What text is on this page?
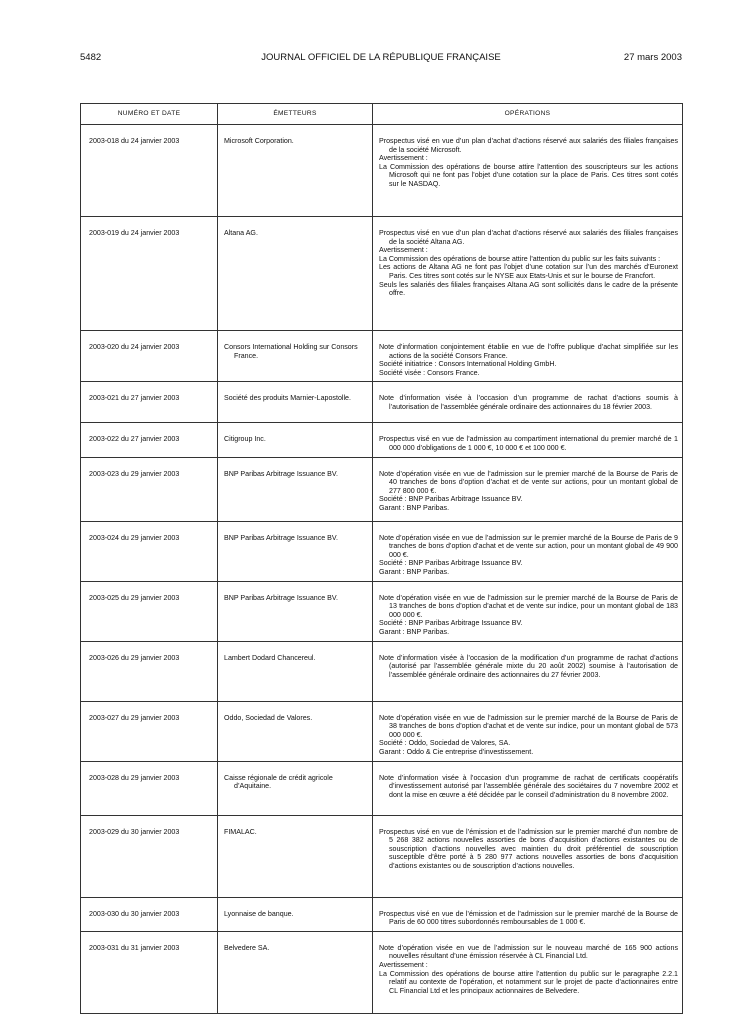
5482	JOURNAL OFFICIEL DE LA RÉPUBLIQUE FRANÇAISE	27 mars 2003
NUMÉRO ET DATE	ÉMETTEURS	OPÉRATIONS
2003-018 du 24 janvier 2003	Microsoft Corporation.	Prospectus visé en vue d’un plan d’achat d’actions réservé aux salariés des filiales françaises de la société Microsoft.
Avertissement :
La Commission des opérations de bourse attire l’attention des souscripteurs sur les actions Microsoft qui ne font pas l’objet d’une cotation sur la place de Paris. Ces titres sont cotés sur le NASDAQ.

2003-019 du 24 janvier 2003	Altana AG.	Prospectus visé en vue d’un plan d’achat d’actions réservé aux salariés des filiales françaises de la société Altana AG.
Avertissement :
La Commission des opérations de bourse attire l’attention du public sur les faits suivants :
Les actions de Altana AG ne font pas l’objet d’une cotation sur l’un des marchés d’Euronext Paris. Ces titres sont cotés sur le NYSE aux Etats-Unis et sur le bourse de Francfort.
Seuls les salariés des filiales françaises Altana AG sont sollicités dans le cadre de la présente offre.

2003-020 du 24 janvier 2003	Consors International Holding sur Consors France.	Note d’information conjointement établie en vue de l’offre publique d’achat simplifiée sur les actions de la société Consors France.
Société initiatrice : Consors International Holding GmbH.
Société visée : Consors France.

2003-021 du 27 janvier 2003	Société des produits Marnier-Lapostolle.	Note d’information visée à l’occasion d’un programme de rachat d’actions soumis à l’autorisation de l’assemblée générale ordinaire des actionnaires du 18 février 2003.

2003-022 du 27 janvier 2003	Citigroup Inc.	Prospectus visé en vue de l’admission au compartiment international du premier marché de 1 000 000 d’obligations de 1 000 €, 10 000 € et 100 000 €.

2003-023 du 29 janvier 2003	BNP Paribas Arbitrage Issuance BV.	Note d’opération visée en vue de l’admission sur le premier marché de la Bourse de Paris de 40 tranches de bons d’option d’achat et de vente sur actions, pour un montant global de 277 800 000 €.
Société : BNP Paribas Arbitrage Issuance BV.
Garant : BNP Paribas.

2003-024 du 29 janvier 2003	BNP Paribas Arbitrage Issuance BV.	Note d’opération visée en vue de l’admission sur le premier marché de la Bourse de Paris de 9 tranches de bons d’option d’achat et de vente sur action, pour un montant global de 49 900 000 €.
Société : BNP Paribas Arbitrage Issuance BV.
Garant : BNP Paribas.

2003-025 du 29 janvier 2003	BNP Paribas Arbitrage Issuance BV.	Note d’opération visée en vue de l’admission sur le premier marché de la Bourse de Paris de 13 tranches de bons d’option d’achat et de vente sur indice, pour un montant global de 183 000 000 €.
Société : BNP Paribas Arbitrage Issuance BV.
Garant : BNP Paribas.

2003-026 du 29 janvier 2003	Lambert Dodard Chancereul.	Note d’information visée à l’occasion de la modification d’un programme de rachat d’actions (autorisé par l’assemblée générale mixte du 20 août 2002) soumise à l’autorisation de l’assemblée générale ordinaire des actionnaires du 27 février 2003.

2003-027 du 29 janvier 2003	Oddo, Sociedad de Valores.	Note d’opération visée en vue de l’admission sur le premier marché de la Bourse de Paris de 38 tranches de bons d’option d’achat et de vente sur indice, pour un montant global de 573 000 000 €.
Société : Oddo, Sociedad de Valores, SA.
Garant : Oddo & Cie entreprise d’investissement.

2003-028 du 29 janvier 2003	Caisse régionale de crédit agricole d’Aquitaine.	Note d’information visée à l’occasion d’un programme de rachat de certificats coopératifs d’investissement autorisé par l’assemblée générale des sociétaires du 7 novembre 2002 et dont la mise en œuvre a été décidée par le conseil d’administration du 8 novembre 2002.

2003-029 du 30 janvier 2003	FIMALAC.	Prospectus visé en vue de l’émission et de l’admission sur le premier marché d’un nombre de 5 268 382 actions nouvelles assorties de bons d’acquisition d’actions existantes ou de souscription d’actions nouvelles avec maintien du droit préférentiel de souscription susceptible d’être porté à 5 280 977 actions nouvelles assorties de bons d’acquisition d’actions existantes ou de souscription d’actions nouvelles.

2003-030 du 30 janvier 2003	Lyonnaise de banque.	Prospectus visé en vue de l’émission et de l’admission sur le premier marché de la Bourse de Paris de 60 000 titres subordonnés remboursables de 1 000 €.

2003-031 du 31 janvier 2003	Belvedere SA.	Note d’opération visée en vue de l’admission sur le nouveau marché de 165 900 actions nouvelles résultant d’une émission réservée à CL Financial Ltd.
Avertissement :
La Commission des opérations de bourse attire l’attention du public sur le paragraphe 2.2.1 relatif au contexte de l’opération, et notamment sur le projet de pacte d’actionnaires entre CL Financial Ltd et les principaux actionnaires de Belvedere.
